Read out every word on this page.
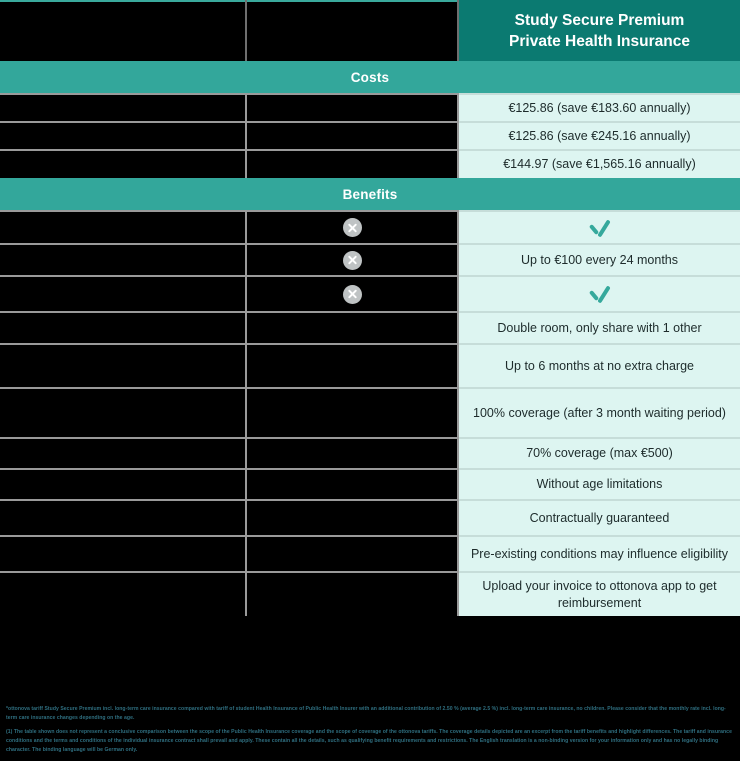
		Study Secure Premium
Private Health Insurance

Costs		
		€125.86 (save €183.60 annually)
		€125.86 (save €245.16 annually)
		€144.97 (save €1,565.16 annually)
Benefits		

		Up to €100 every 24 months

		Double room, only share with 1 other
		Up to 6 months at no extra charge
		100% coverage (after 3 month waiting period)
		70% coverage (max €500)
		Without age limitations
		Contractually guaranteed
		Pre-existing conditions may influence eligibility
		Upload your invoice to ottonova app to get reimbursement
*ottonova tariff Study Secure Premium incl. long-term care insurance compared with tariff of student Health Insurance of Public Health Insurer with an additional contribution of 2.50 % (average 2.5 %) incl. long-term care insurance, no children. Please consider that the monthly rate incl. long-term care insurance changes depending on the age.
(1) The table shown does not represent a conclusive comparison between the scope of the Public Health Insurance coverage and the scope of coverage of the ottonova tariffs. The coverage details depicted are an excerpt from the tariff benefits and highlight differences. The tariff and insurance conditions and the terms and conditions of the individual insurance contract shall prevail and apply. These contain all the details, such as qualifying benefit requirements and restrictions. The English translation is a non-binding version for your information only and has no legally binding character. The binding language will be German only.
